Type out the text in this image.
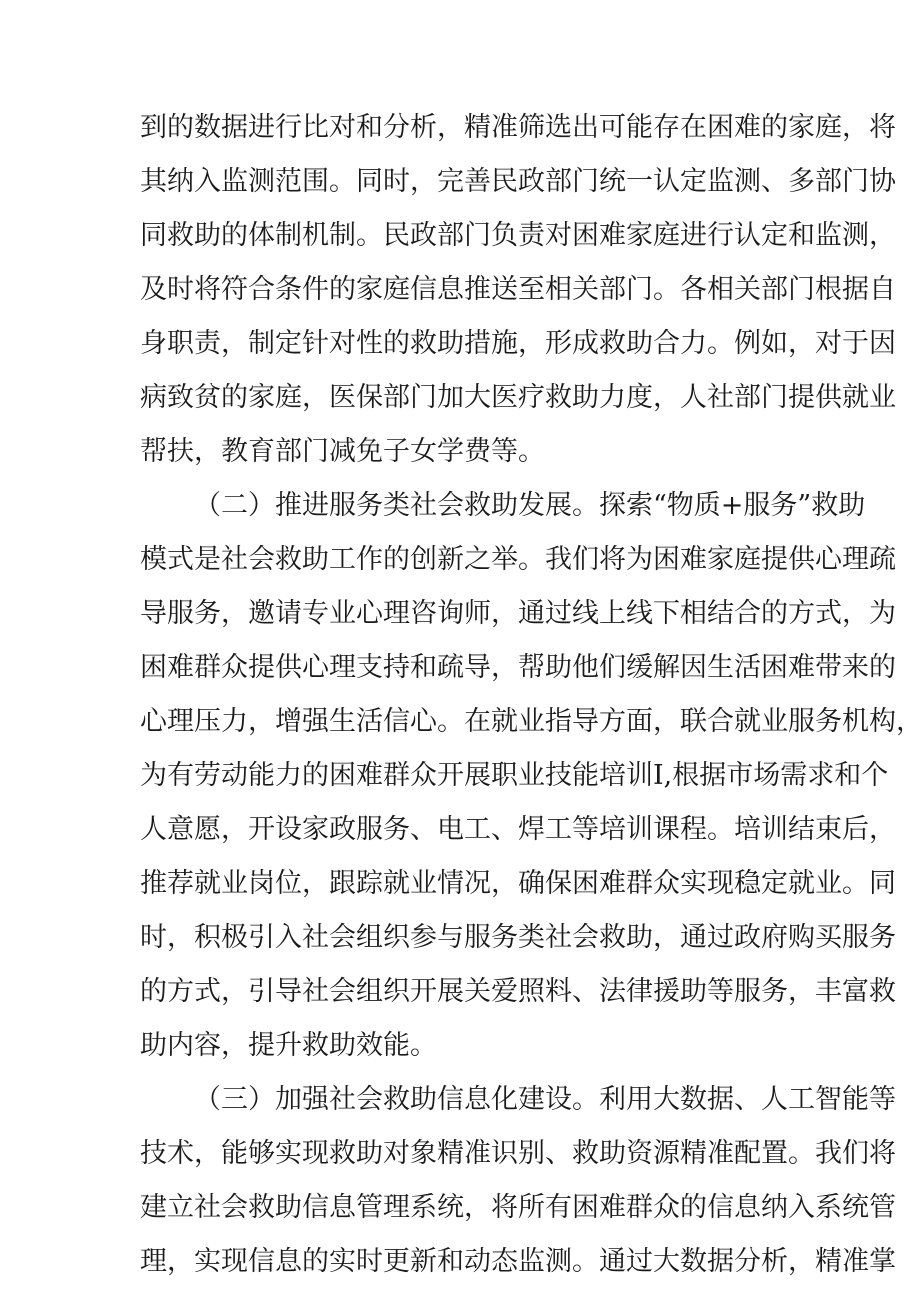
到的数据进行比对和分析，精准筛选出可能存在困难的家庭，将
其纳入监测范围。同时，完善民政部门统一认定监测、多部门协
同救助的体制机制。民政部门负责对困难家庭进行认定和监测，
及时将符合条件的家庭信息推送至相关部门。各相关部门根据自
身职责，制定针对性的救助措施，形成救助合力。例如，对于因
病致贫的家庭，医保部门加大医疗救助力度，人社部门提供就业
帮扶，教育部门减免子女学费等。
（二）推进服务类社会救助发展。探索“物质+服务”救助
模式是社会救助工作的创新之举。我们将为困难家庭提供心理疏
导服务，邀请专业心理咨询师，通过线上线下相结合的方式，为
困难群众提供心理支持和疏导，帮助他们缓解因生活困难带来的
心理压力，增强生活信心。在就业指导方面，联合就业服务机构，
为有劳动能力的困难群众开展职业技能培训I,根据市场需求和个
人意愿，开设家政服务、电工、焊工等培训课程。培训结束后，
推荐就业岗位，跟踪就业情况，确保困难群众实现稳定就业。同
时，积极引入社会组织参与服务类社会救助，通过政府购买服务
的方式，引导社会组织开展关爱照料、法律援助等服务，丰富救
助内容，提升救助效能。
（三）加强社会救助信息化建设。利用大数据、人工智能等
技术，能够实现救助对象精准识别、救助资源精准配置。我们将
建立社会救助信息管理系统，将所有困难群众的信息纳入系统管
理，实现信息的实时更新和动态监测。通过大数据分析，精准掌
